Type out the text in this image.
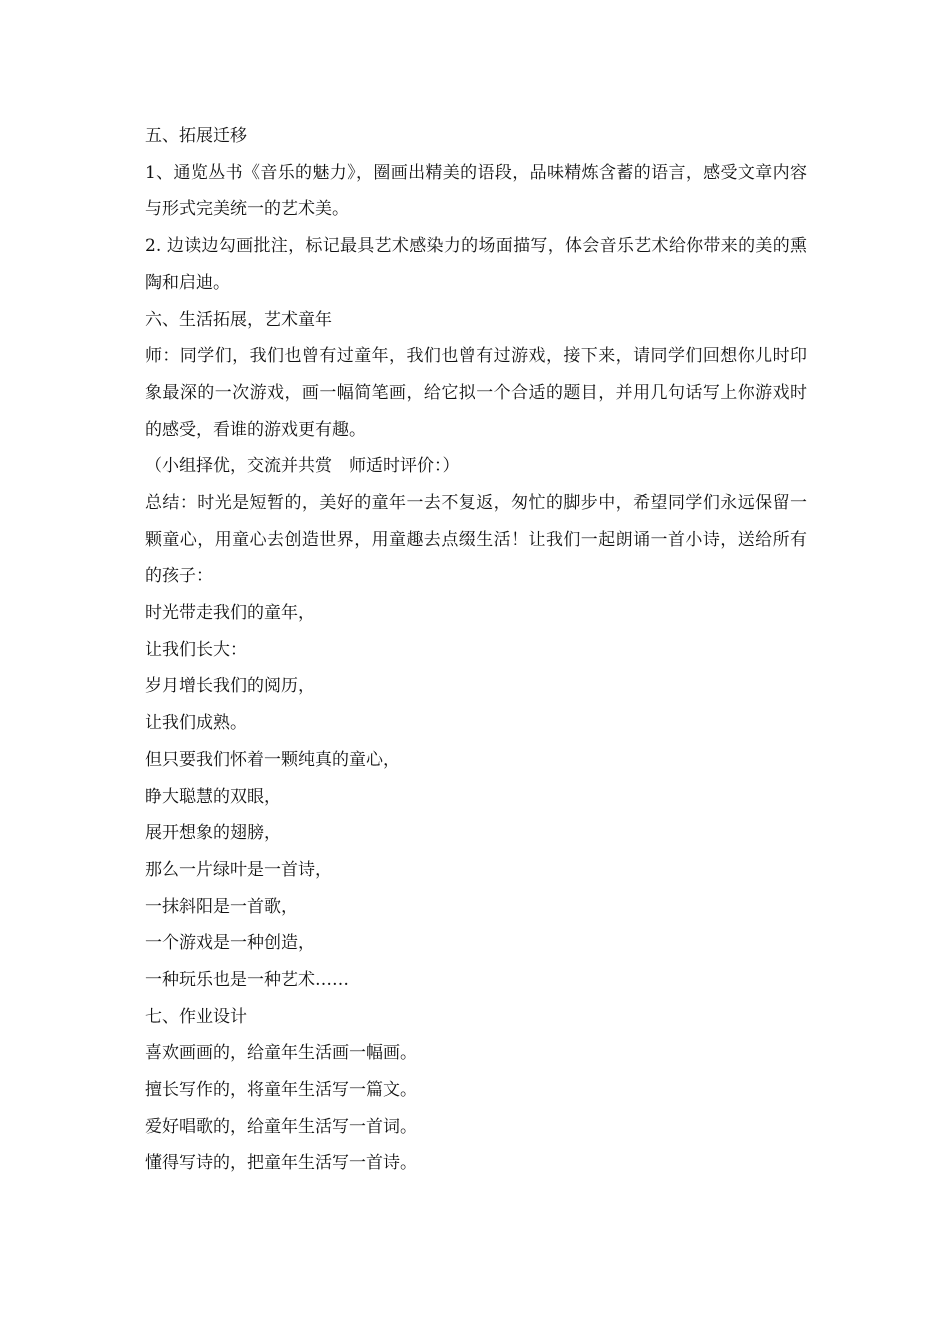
五、拓展迁移
1、通览丛书《音乐的魅力》，圈画出精美的语段，品味精炼含蓄的语言，感受文章内容与形式完美统一的艺术美。
2. 边读边勾画批注，标记最具艺术感染力的场面描写，体会音乐艺术给你带来的美的熏陶和启迪。
六、生活拓展，艺术童年
师：同学们，我们也曾有过童年，我们也曾有过游戏，接下来，请同学们回想你儿时印象最深的一次游戏，画一幅简笔画，给它拟一个合适的题目，并用几句话写上你游戏时的感受，看谁的游戏更有趣。
（小组择优，交流并共赏　师适时评价：）
总结：时光是短暂的，美好的童年一去不复返，匆忙的脚步中，希望同学们永远保留一颗童心，用童心去创造世界，用童趣去点缀生活！让我们一起朗诵一首小诗，送给所有的孩子：
时光带走我们的童年，
让我们长大：
岁月增长我们的阅历，
让我们成熟。
但只要我们怀着一颗纯真的童心，
睁大聪慧的双眼，
展开想象的翅膀，
那么一片绿叶是一首诗，
一抹斜阳是一首歌，
一个游戏是一种创造，
一种玩乐也是一种艺术……
七、作业设计
喜欢画画的，给童年生活画一幅画。
擅长写作的，将童年生活写一篇文。
爱好唱歌的，给童年生活写一首词。
懂得写诗的，把童年生活写一首诗。
